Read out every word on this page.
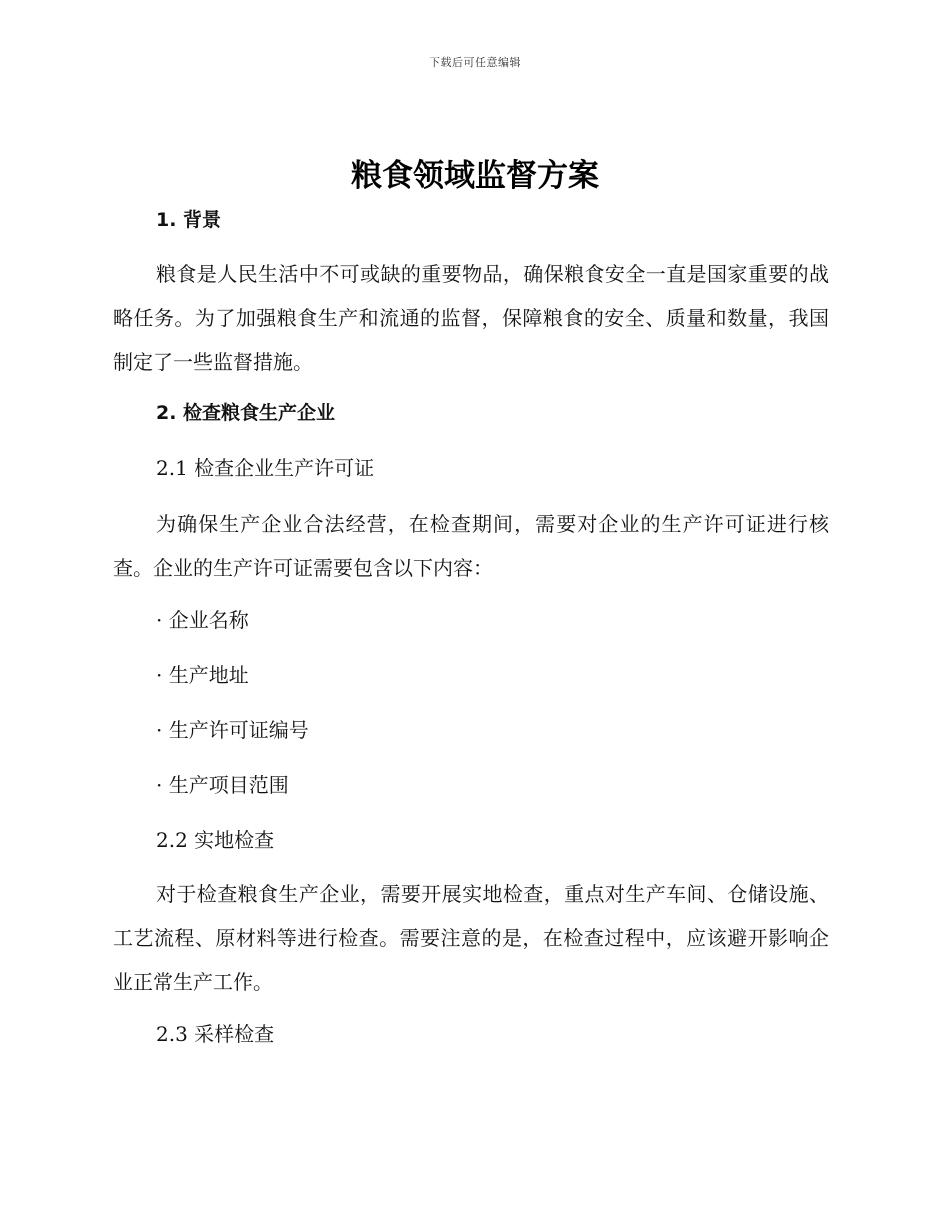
下载后可任意编辑
粮食领域监督方案
1. 背景

粮食是人民生活中不可或缺的重要物品，确保粮食安全一直是国家重要的战略任务。为了加强粮食生产和流通的监督，保障粮食的安全、质量和数量，我国制定了一些监督措施。

2. 检查粮食生产企业
2.1 检查企业生产许可证

为确保生产企业合法经营，在检查期间，需要对企业的生产许可证进行核查。企业的生产许可证需要包含以下内容：

· 企业名称
· 生产地址
· 生产许可证编号
· 生产项目范围
2.2 实地检查

对于检查粮食生产企业，需要开展实地检查，重点对生产车间、仓储设施、工艺流程、原材料等进行检查。需要注意的是，在检查过程中，应该避开影响企业正常生产工作。

2.3 采样检查
